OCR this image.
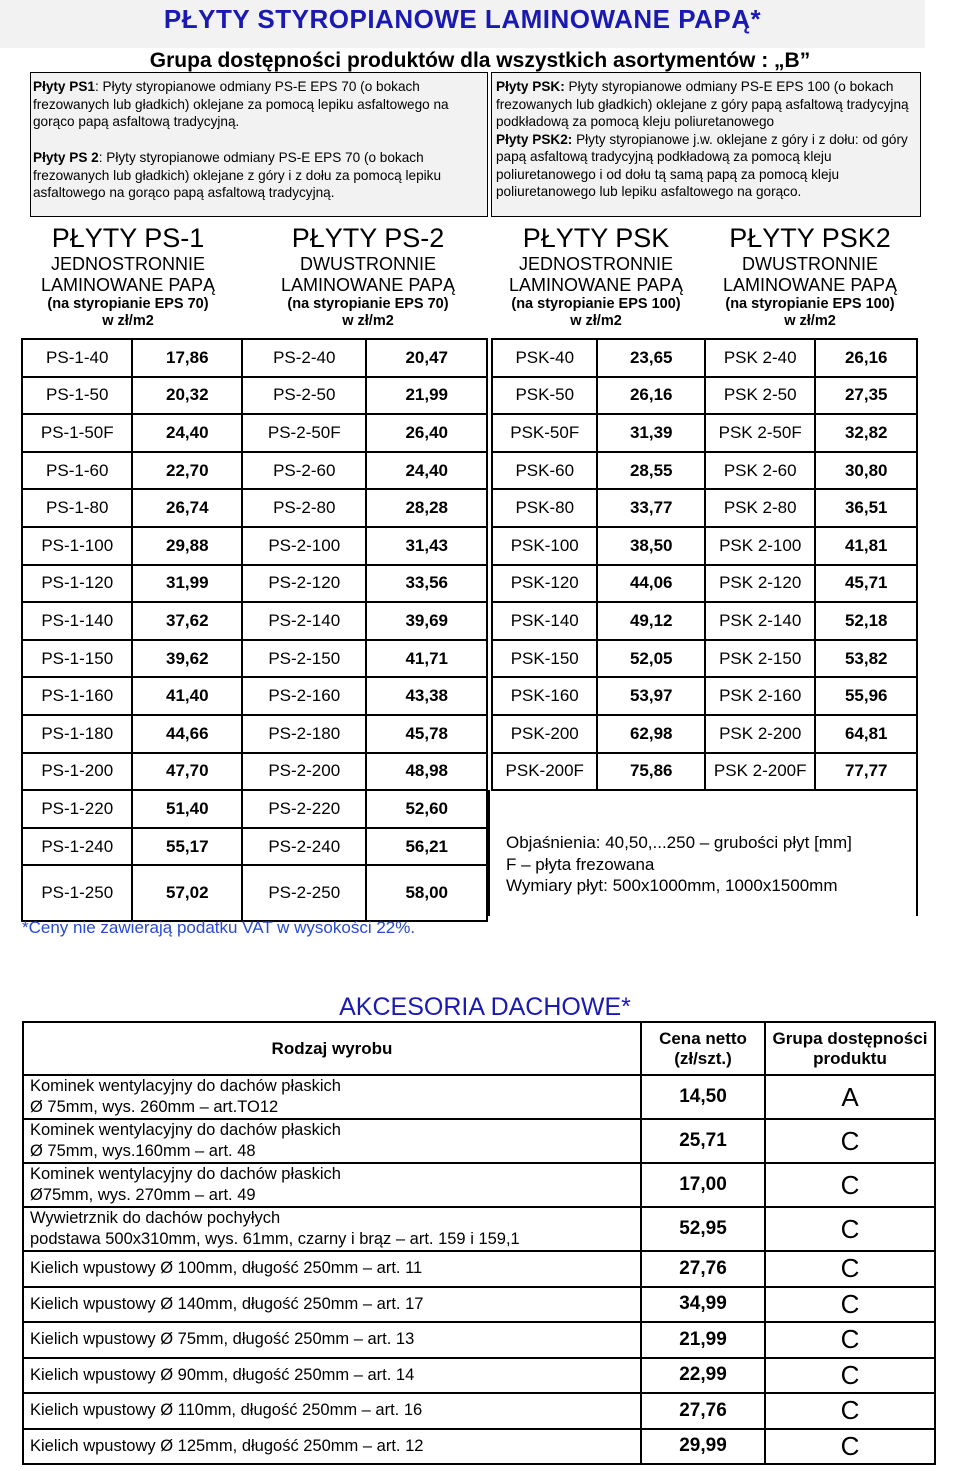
PŁYTY STYROPIANOWE LAMINOWANE PAPĄ*
Grupa dostępności produktów dla wszystkich asortymentów : „B”
Płyty PS1: Płyty styropianowe odmiany PS-E EPS 70 (o bokach frezowanych lub gładkich) oklejane za pomocą lepiku asfaltowego na gorąco papą asfaltową tradycyjną.
Płyty PS 2: Płyty styropianowe odmiany PS-E EPS 70 (o bokach frezowanych lub gładkich) oklejane z góry i z dołu za pomocą lepiku asfaltowego na gorąco papą asfaltową tradycyjną.
Płyty PSK: Płyty styropianowe odmiany PS-E EPS 100 (o bokach frezowanych lub gładkich) oklejane z góry papą asfaltową tradycyjną podkładową za pomocą kleju poliuretanowego
Płyty PSK2: Płyty styropianowe j.w. oklejane z góry i z dołu: od góry papą asfaltową tradycyjną podkładową za pomocą kleju poliuretanowego i od dołu tą samą papą za pomocą kleju poliuretanowego lub lepiku asfaltowego na gorąco.
PŁYTY PS-1
JEDNOSTRONNIE
LAMINOWANE PAPĄ
(na styropianie EPS 70)
w zł/m2
PŁYTY PS-2
DWUSTRONNIE
LAMINOWANE PAPĄ
(na styropianie EPS 70)
w zł/m2
PŁYTY PSK
JEDNOSTRONNIE
LAMINOWANE PAPĄ
(na styropianie EPS 100)
w zł/m2
PŁYTY PSK2
DWUSTRONNIE
LAMINOWANE PAPĄ
(na styropianie EPS 100)
w zł/m2
PS-1-40	17,86	PS-2-40	20,47
PS-1-50	20,32	PS-2-50	21,99
PS-1-50F	24,40	PS-2-50F	26,40
PS-1-60	22,70	PS-2-60	24,40
PS-1-80	26,74	PS-2-80	28,28
PS-1-100	29,88	PS-2-100	31,43
PS-1-120	31,99	PS-2-120	33,56
PS-1-140	37,62	PS-2-140	39,69
PS-1-150	39,62	PS-2-150	41,71
PS-1-160	41,40	PS-2-160	43,38
PS-1-180	44,66	PS-2-180	45,78
PS-1-200	47,70	PS-2-200	48,98
PS-1-220	51,40	PS-2-220	52,60
PS-1-240	55,17	PS-2-240	56,21
PS-1-250	57,02	PS-2-250	58,00
PSK-40	23,65	PSK 2-40	26,16
PSK-50	26,16	PSK 2-50	27,35
PSK-50F	31,39	PSK 2-50F	32,82
PSK-60	28,55	PSK 2-60	30,80
PSK-80	33,77	PSK 2-80	36,51
PSK-100	38,50	PSK 2-100	41,81
PSK-120	44,06	PSK 2-120	45,71
PSK-140	49,12	PSK 2-140	52,18
PSK-150	52,05	PSK 2-150	53,82
PSK-160	53,97	PSK 2-160	55,96
PSK-200	62,98	PSK 2-200	64,81
PSK-200F	75,86	PSK 2-200F	77,77
Objaśnienia: 40,50,...250 – grubości płyt [mm]
F – płyta frezowana
Wymiary płyt: 500x1000mm, 1000x1500mm
*Ceny nie zawierają podatku VAT w wysokości 22%.
AKCESORIA DACHOWE*
Rodzaj wyrobu	Cena netto (zł/szt.)	Grupa dostępności produktu

Kominek wentylacyjny do dachów płaskich
Ø 75mm, wys. 260mm – art.TO12	14,50	A

Kominek wentylacyjny do dachów płaskich
Ø 75mm, wys.160mm – art. 48	25,71	C

Kominek wentylacyjny do dachów płaskich
Ø75mm, wys. 270mm – art. 49	17,00	C

Wywietrznik do dachów pochyłych
podstawa 500x310mm, wys. 61mm, czarny i brąz – art. 159 i 159,1	52,95	C

Kielich wpustowy Ø 100mm, długość 250mm – art. 11	27,76	C

Kielich wpustowy Ø 140mm, długość 250mm – art. 17	34,99	C

Kielich wpustowy Ø 75mm, długość 250mm – art. 13	21,99	C

Kielich wpustowy Ø 90mm, długość 250mm – art. 14	22,99	C

Kielich wpustowy Ø 110mm, długość 250mm – art. 16	27,76	C

Kielich wpustowy Ø 125mm, długość 250mm – art. 12	29,99	C
